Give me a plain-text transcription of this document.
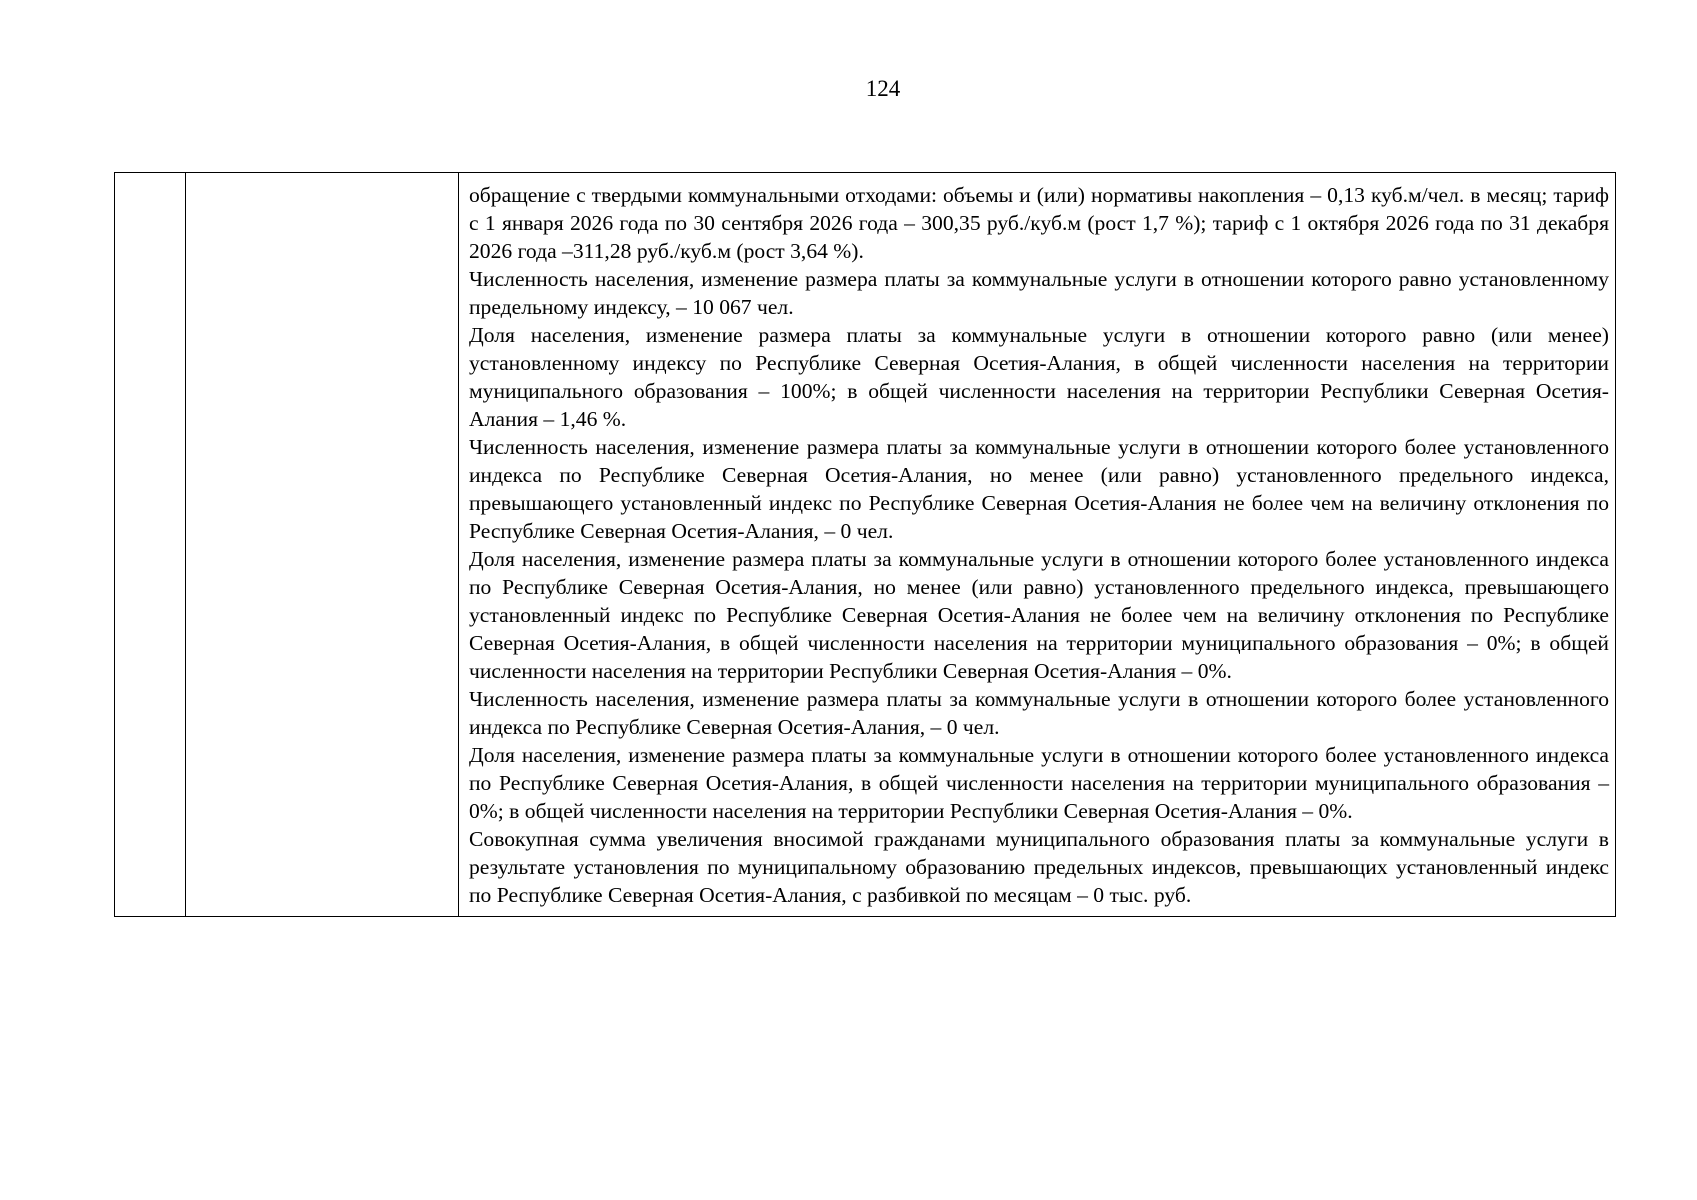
124

обращение с твердыми коммунальными отходами: объемы и (или) нормативы накопления – 0,13 куб.м/чел. в месяц; тариф с 1 января 2026 года по 30 сентября 2026 года – 300,35 руб./куб.м (рост 1,7 %); тариф с 1 октября 2026 года по 31 декабря 2026 года –311,28 руб./куб.м (рост 3,64 %).

Численность населения, изменение размера платы за коммунальные услуги в отношении которого равно установленному предельному индексу, – 10 067 чел.

Доля населения, изменение размера платы за коммунальные услуги в отношении которого равно (или менее) установленному индексу по Республике Северная Осетия-Алания, в общей численности населения на территории муниципального образования – 100%; в общей численности населения на территории Республики Северная Осетия-Алания – 1,46 %.

Численность населения, изменение размера платы за коммунальные услуги в отношении которого более установленного индекса по Республике Северная Осетия-Алания, но менее (или равно) установленного предельного индекса, превышающего установленный индекс по Республике Северная Осетия-Алания не более чем на величину отклонения по Республике Северная Осетия-Алания, – 0 чел.

Доля населения, изменение размера платы за коммунальные услуги в отношении которого более установленного индекса по Республике Северная Осетия-Алания, но менее (или равно) установленного предельного индекса, превышающего установленный индекс по Республике Северная Осетия-Алания не более чем на величину отклонения по Республике Северная Осетия-Алания, в общей численности населения на территории муниципального образования – 0%; в общей численности населения на территории Республики Северная Осетия-Алания – 0%.

Численность населения, изменение размера платы за коммунальные услуги в отношении которого более установленного индекса по Республике Северная Осетия-Алания, – 0 чел.

Доля населения, изменение размера платы за коммунальные услуги в отношении которого более установленного индекса по Республике Северная Осетия-Алания, в общей численности населения на территории муниципального образования – 0%; в общей численности населения на территории Республики Северная Осетия-Алания – 0%.

Совокупная сумма увеличения вносимой гражданами муниципального образования платы за коммунальные услуги в результате установления по муниципальному образованию предельных индексов, превышающих установленный индекс по Республике Северная Осетия-Алания, с разбивкой по месяцам – 0 тыс. руб.
